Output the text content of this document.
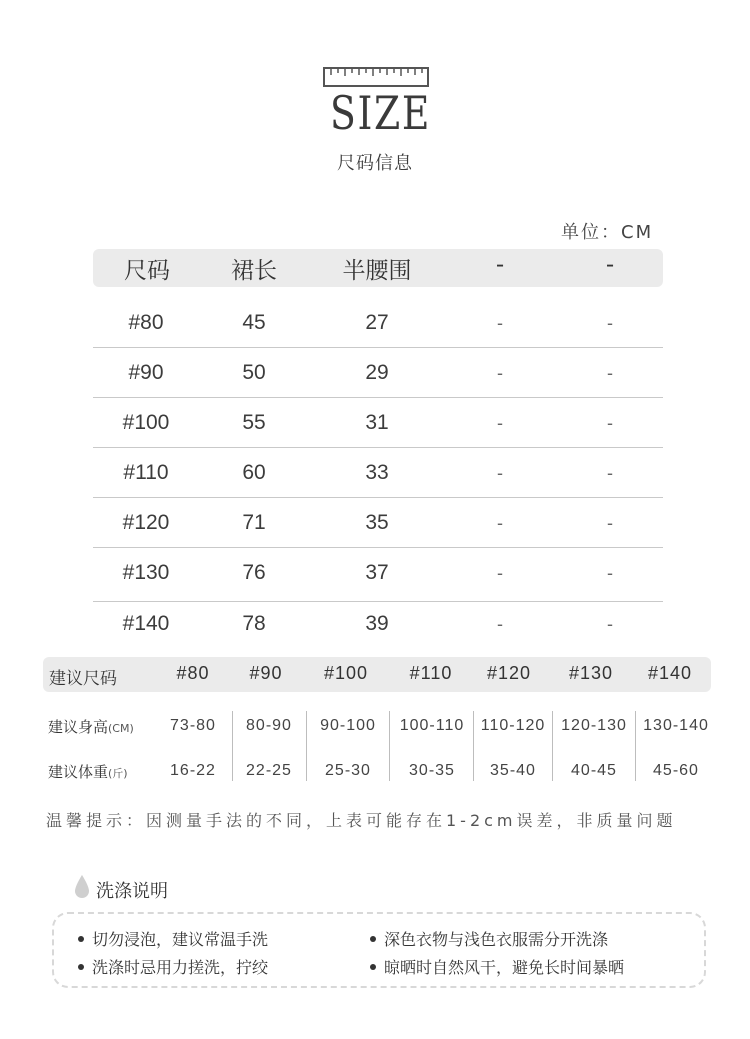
SIZE
尺码信息
单位：CM
尺码	裙长	半腰围	-	-
#80	45	27	-	-
#90	50	29	-	-
#100	55	31	-	-
#110	60	33	-	-
#120	71	35	-	-
#130	76	37	-	-
#140	78	39	-	-
建议尺码	#80	#90	#100	#110	#120	#130	#140
建议身高(CM)	73-80	80-90	90-100	100-110	110-120 120-130	130-140
建议体重(斤)	16-22	22-25	25-30	30-35	35-40	40-45	45-60
温馨提示：因测量手法的不同，上表可能存在1-2cm误差，非质量问题
洗涤说明
切勿浸泡，建议常温手洗	深色衣物与浅色衣服需分开洗涤
洗涤时忌用力搓洗，拧绞	晾晒时自然风干，避免长时间暴晒
